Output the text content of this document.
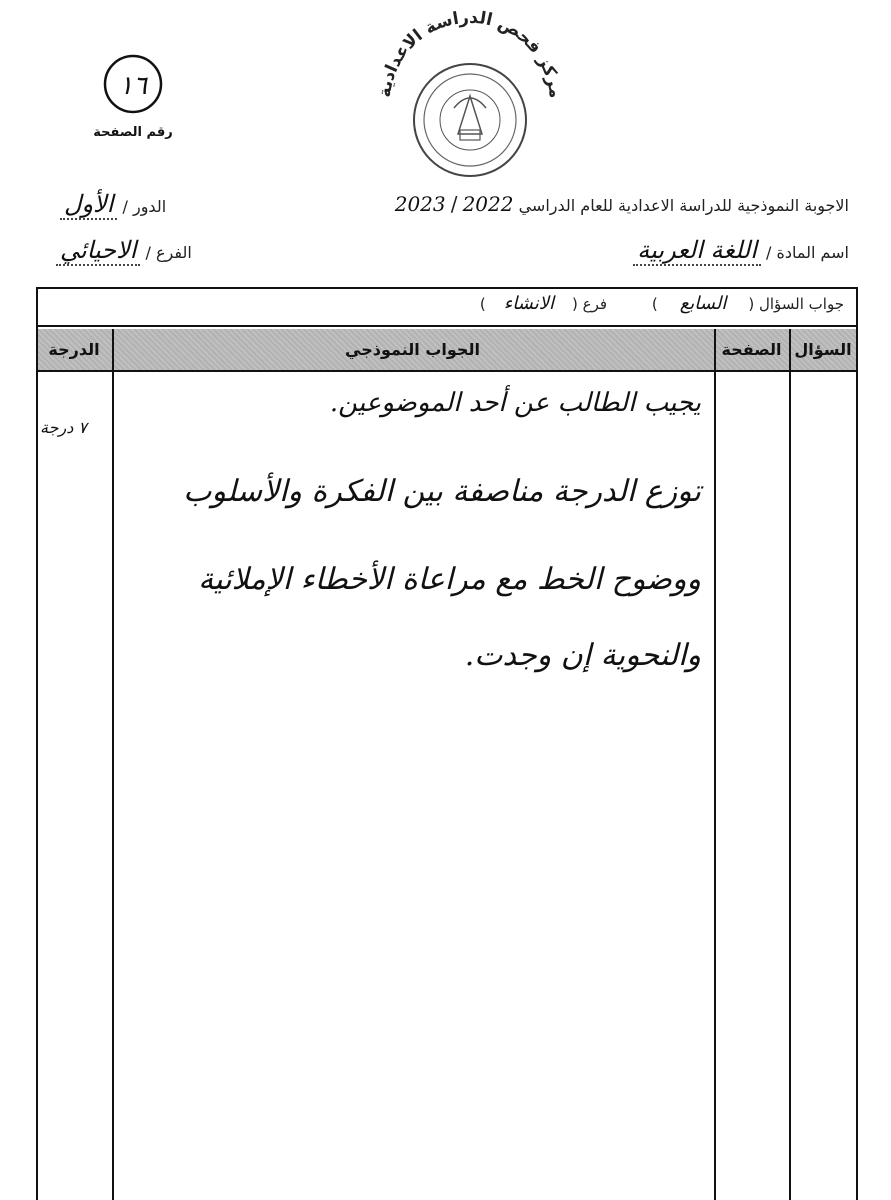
مركز فحص الدراسة الاعدادية
١٦
رقم الصفحة
الاجوبة النموذجية للدراسة الاعدادية للعام الدراسي 2022 / 2023
اسم المادة / اللغة العربية
الدور / الأول
الفرع / الاحيائي
جواب السؤال (السابع) فرع (الانشاء)
السؤال
الصفحة
الجواب النموذجي
الدرجة
٧ درجة
يجيب الطالب عن أحد الموضوعين.
توزع الدرجة مناصفة بين الفكرة والأسلوب
ووضوح الخط مع مراعاة الأخطاء الإملائية
والنحوية إن وجدت.
